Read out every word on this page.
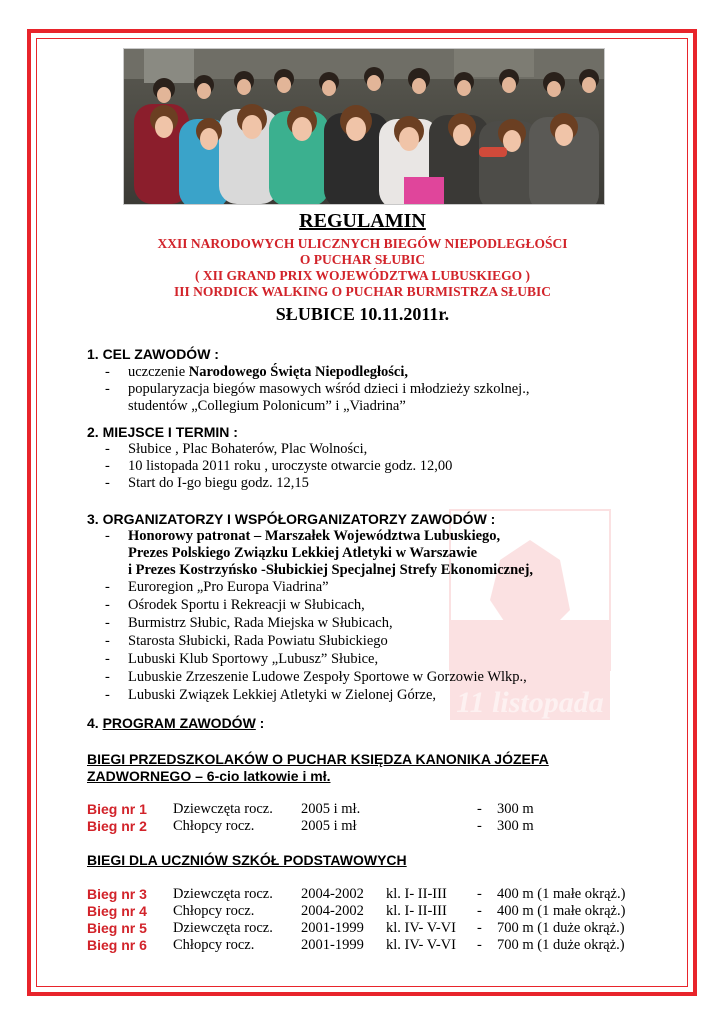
11 listopada
REGULAMIN
XXII NARODOWYCH ULICZNYCH BIEGÓW NIEPODLEGŁOŚCI
O PUCHAR SŁUBIC
( XII GRAND PRIX WOJEWÓDZTWA LUBUSKIEGO )
III NORDICK WALKING O PUCHAR BURMISTRZA SŁUBIC
SŁUBICE 10.11.2011r.
1. CEL ZAWODÓW :
- uczczenie Narodowego Święta Niepodległości,
- popularyzacja biegów masowych wśród dzieci i młodzieży szkolnej.,
studentów „Collegium Polonicum” i „Viadrina”
2. MIEJSCE I TERMIN :
- Słubice , Plac Bohaterów, Plac Wolności,
- 10 listopada 2011 roku , uroczyste otwarcie godz. 12,00
- Start do I-go biegu godz. 12,15
3. ORGANIZATORZY I WSPÓŁORGANIZATORZY ZAWODÓW :
- Honorowy patronat – Marszałek Województwa Lubuskiego,
Prezes Polskiego Związku Lekkiej Atletyki w Warszawie
i Prezes Kostrzyńsko -Słubickiej Specjalnej Strefy Ekonomicznej,
- Euroregion „Pro Europa Viadrina”
- Ośrodek Sportu i Rekreacji w Słubicach,
- Burmistrz Słubic, Rada Miejska w Słubicach,
- Starosta Słubicki, Rada Powiatu Słubickiego
- Lubuski Klub Sportowy „Lubusz” Słubice,
- Lubuskie Zrzeszenie Ludowe Zespoły Sportowe w Gorzowie Wlkp.,
- Lubuski Związek Lekkiej Atletyki w Zielonej Górze,
4. PROGRAM ZAWODÓW :
BIEGI PRZEDSZKOLAKÓW O PUCHAR KSIĘDZA KANONIKA JÓZEFA
ZADWORNEGO – 6-cio latkowie i mł.
Bieg nr 1 Dziewczęta rocz. 2005 i mł.	- 300 m
Bieg nr 2 Chłopcy rocz.	2005 i mł	- 300 m
BIEGI DLA UCZNIÓW SZKÓŁ PODSTAWOWYCH
Bieg nr 3 Dziewczęta rocz. 2004-2002 kl. I- II-III - 400 m (1 małe okrąż.)
Bieg nr 4 Chłopcy rocz.	2004-2002 kl. I- II-III - 400 m (1 małe okrąż.)
Bieg nr 5 Dziewczęta rocz. 2001-1999 kl. IV- V-VI - 700 m (1 duże okrąż.)
Bieg nr 6 Chłopcy rocz.	2001-1999 kl. IV- V-VI - 700 m (1 duże okrąż.)
